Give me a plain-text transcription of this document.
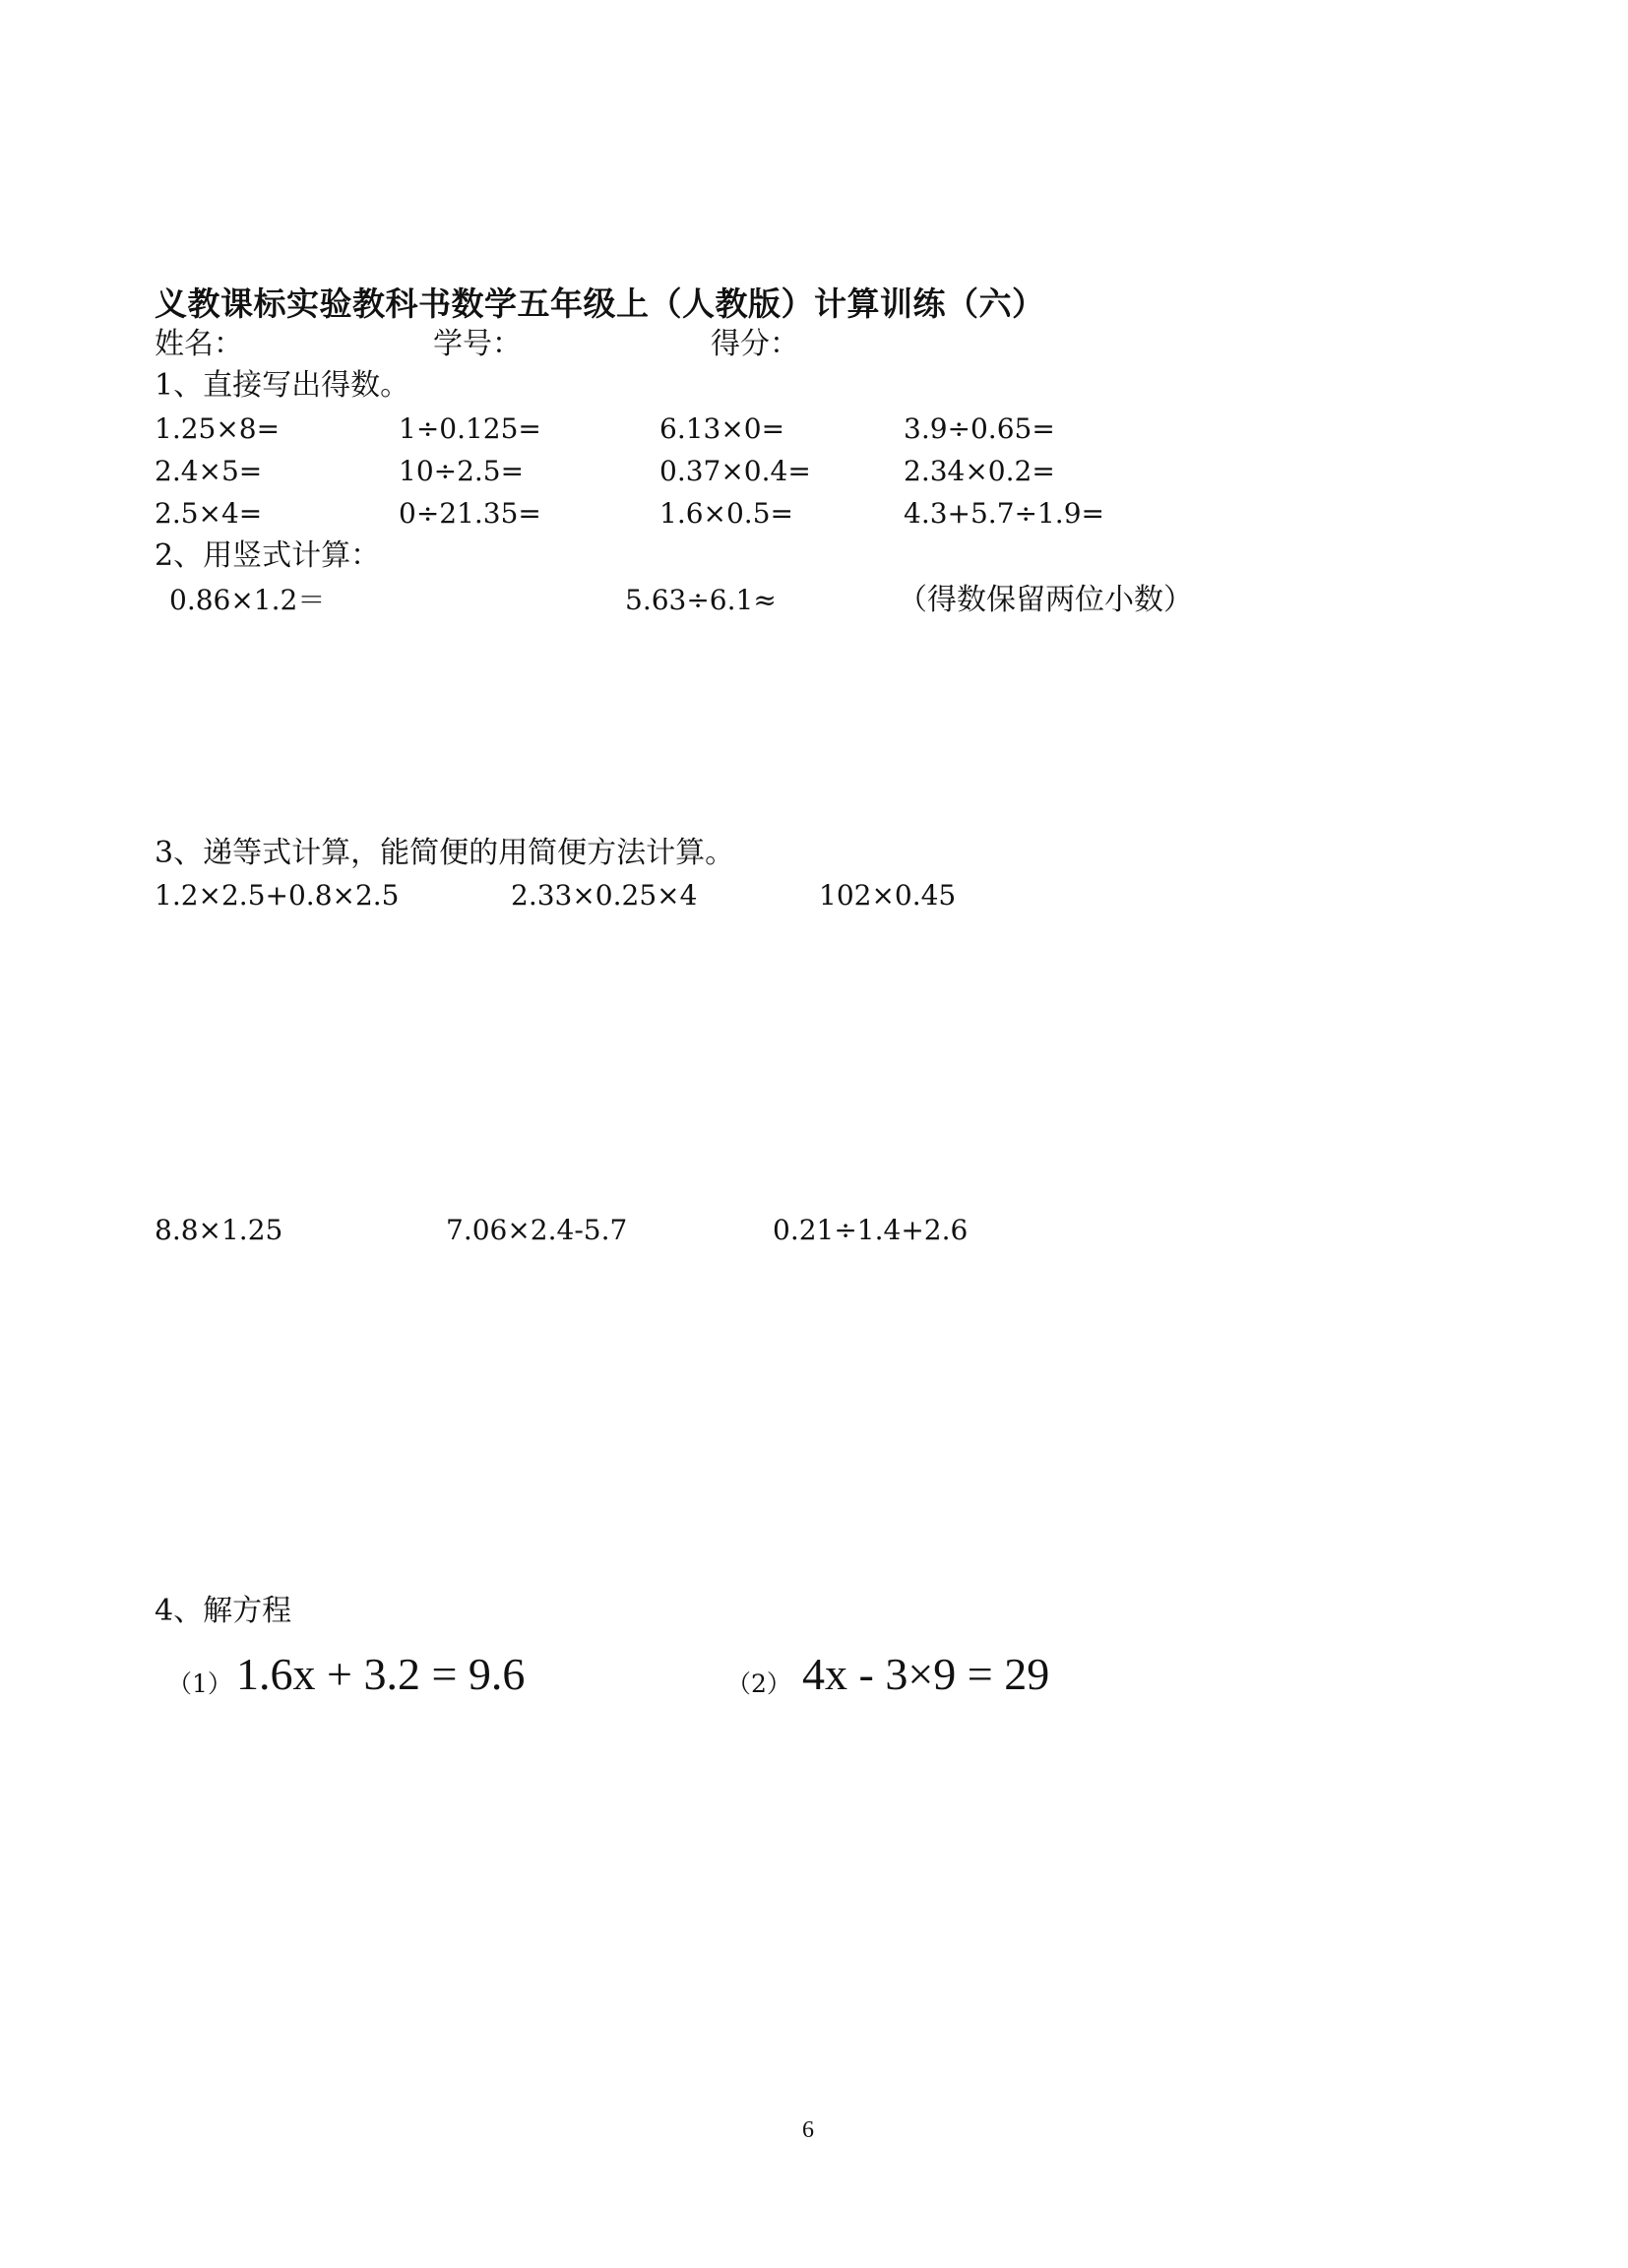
义教课标实验教科书数学五年级上（人教版）计算训练（六）
姓名：	学号：	得分：
1、直接写出得数。
1.25×8=	1÷0.125=	6.13×0=	3.9÷0.65=
2.4×5=	10÷2.5=	0.37×0.4=	2.34×0.2=
2.5×4=	0÷21.35=	1.6×0.5=	4.3+5.7÷1.9=
2、用竖式计算：
0.86×1.2＝	5.63÷6.1≈	（得数保留两位小数）
3、递等式计算，能简便的用简便方法计算。
1.2×2.5+0.8×2.5	2.33×0.25×4	102×0.45
8.8×1.25	7.06×2.4-5.7	0.21÷1.4+2.6
4、解方程
（1） 1.6x + 3.2 = 9.6	（2） 4x - 3×9 = 29
6
